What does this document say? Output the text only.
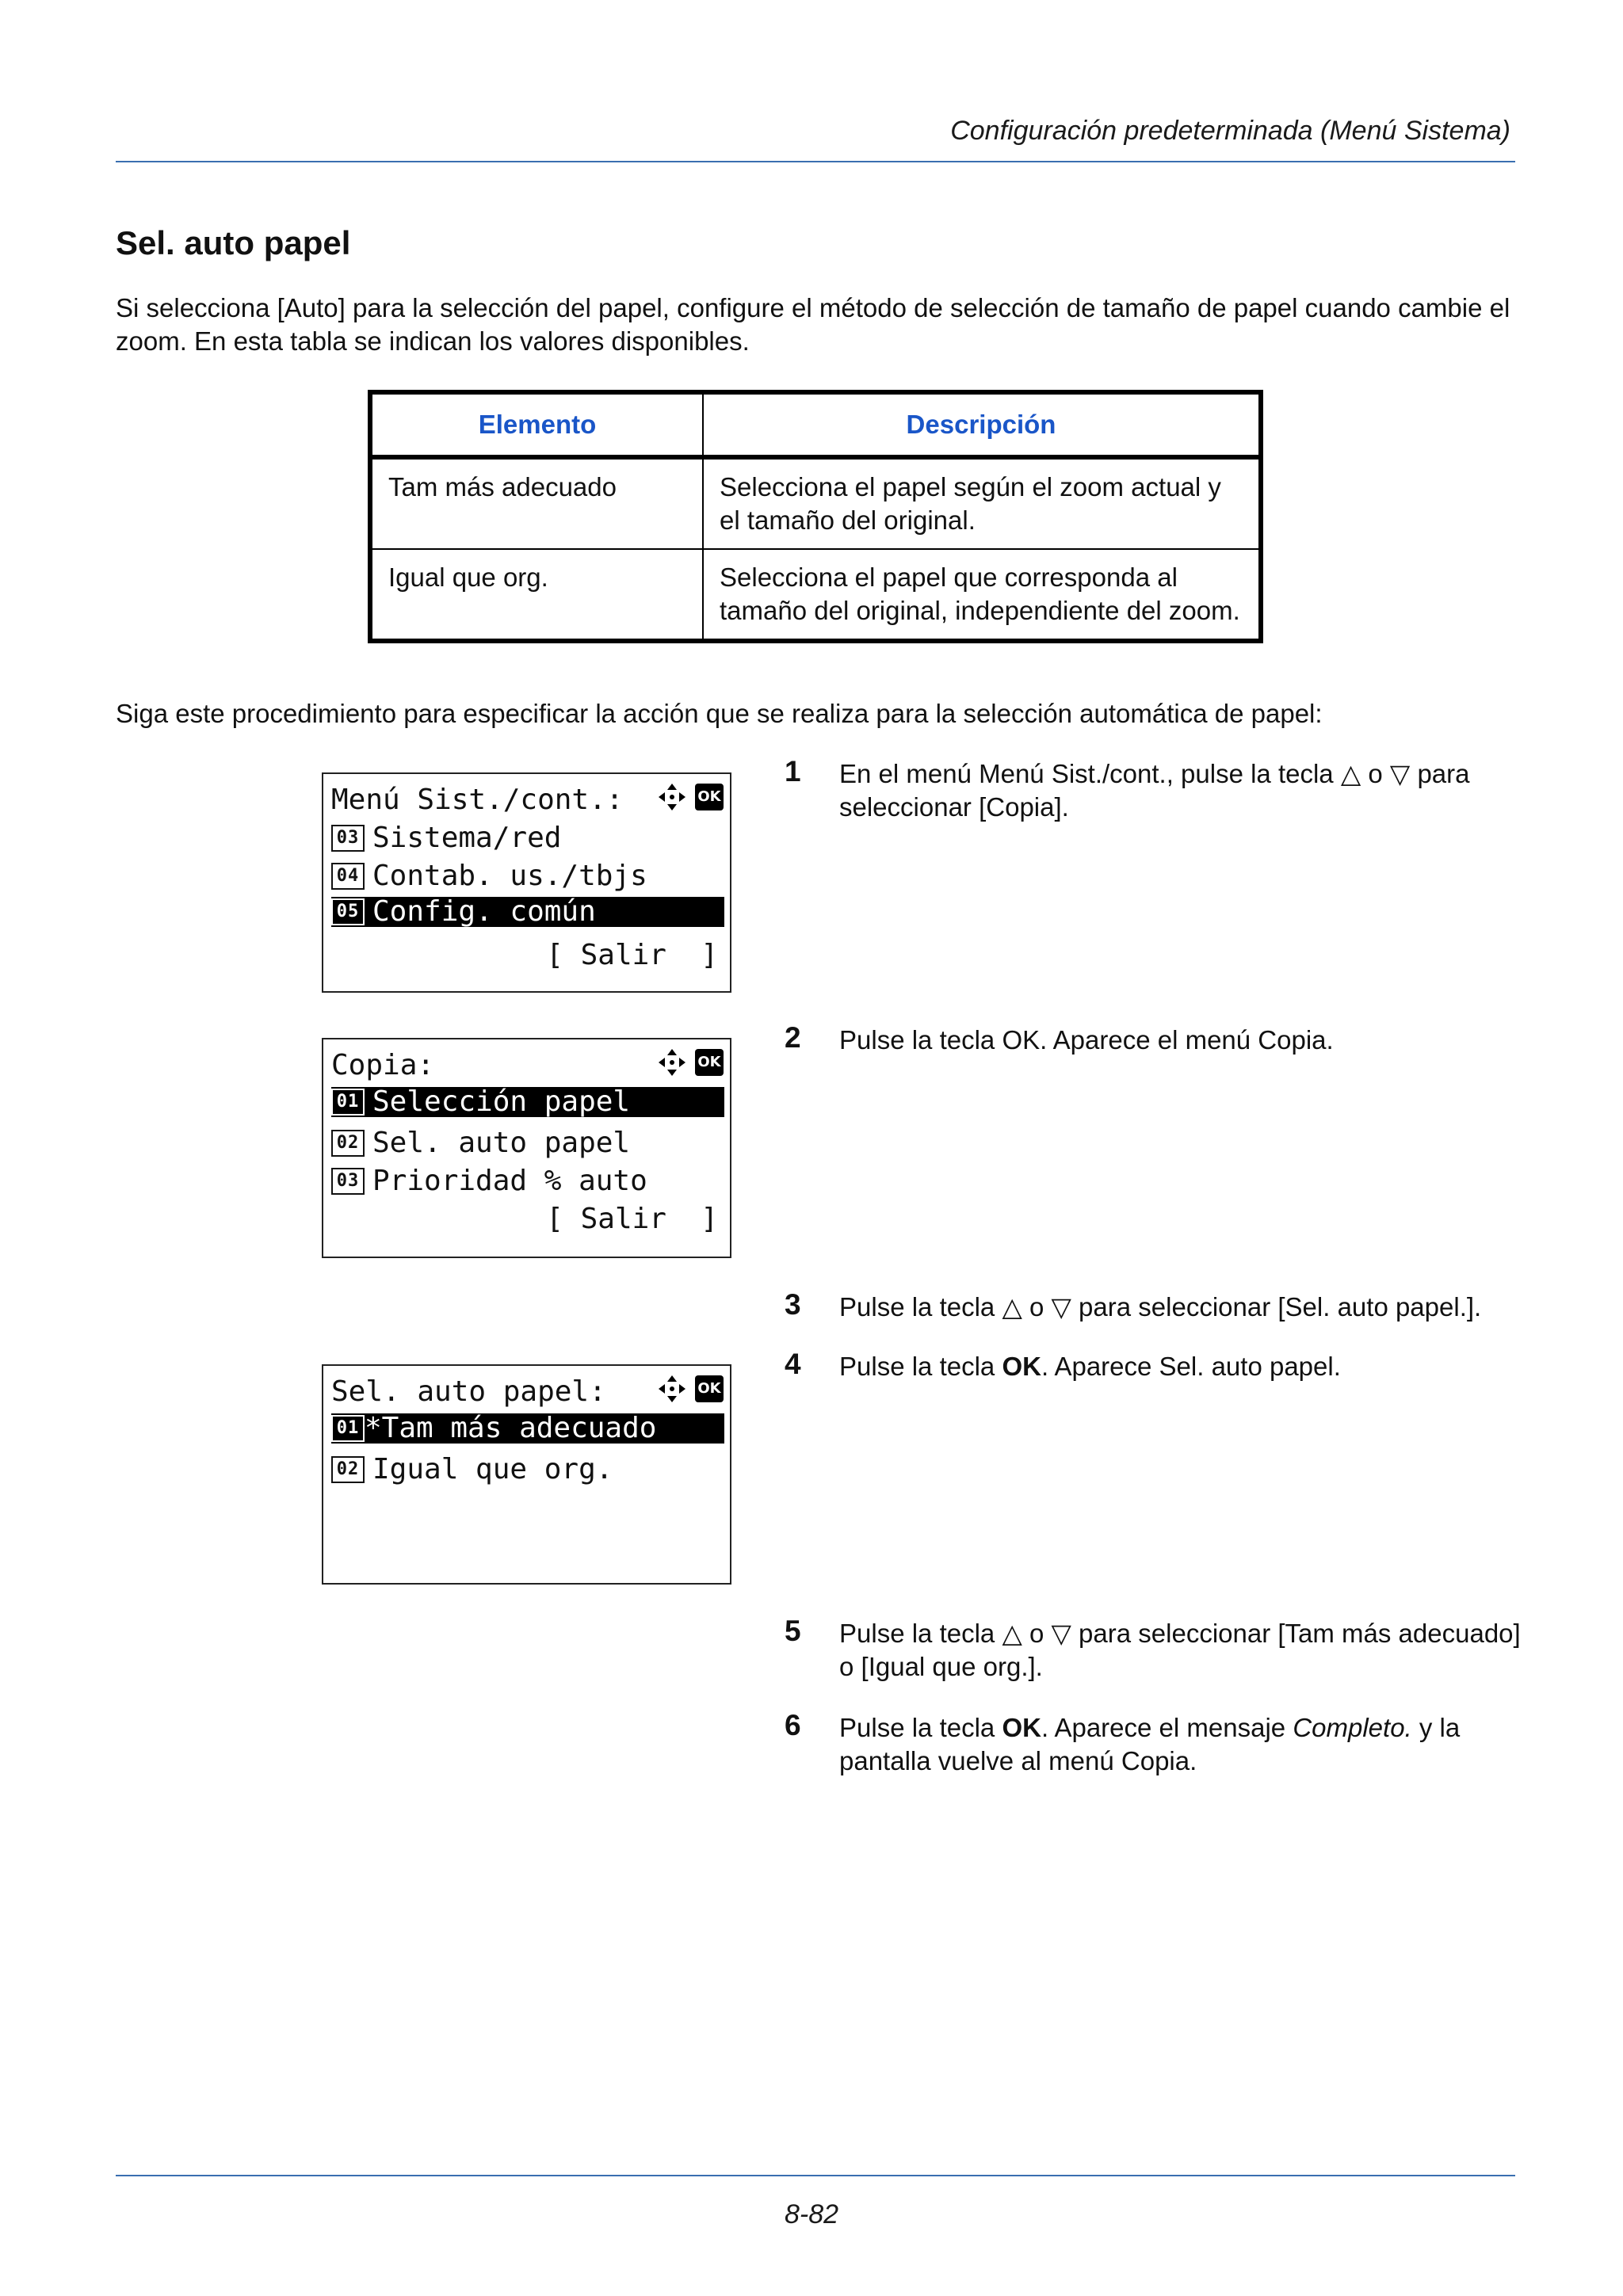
Configuración predeterminada (Menú Sistema)
Sel. auto papel

Si selecciona [Auto] para la selección del papel, configure el método de selección de tamaño de papel cuando cambie el zoom. En esta tabla se indican los valores disponibles.

Elemento	Descripción
Tam más adecuado	Selecciona el papel según el zoom actual y el tamaño del original.
Igual que org.	Selecciona el papel que corresponda al tamaño del original, independiente del zoom.

Siga este procedimiento para especificar la acción que se realiza para la selección automática de papel:

Menú Sist./cont.:	OK
03 Sistema/red
04 Contab. us./tbjs
05 Config. común
[ Salir  ]
Copia:	OK
01 Selección papel
02 Sel. auto papel
03 Prioridad % auto
[ Salir  ]
Sel. auto papel:	OK
01 *Tam más adecuado
02 Igual que org.
1 En el menú Menú Sist./cont., pulse la tecla △ o ▽ para seleccionar [Copia].

2 Pulse la tecla OK. Aparece el menú Copia.

3 Pulse la tecla △ o ▽ para seleccionar [Sel. auto papel.].

4 Pulse la tecla OK. Aparece Sel. auto papel.

5 Pulse la tecla △ o ▽ para seleccionar [Tam más adecuado] o [Igual que org.].

6 Pulse la tecla OK. Aparece el mensaje Completo. y la pantalla vuelve al menú Copia.

8-82
